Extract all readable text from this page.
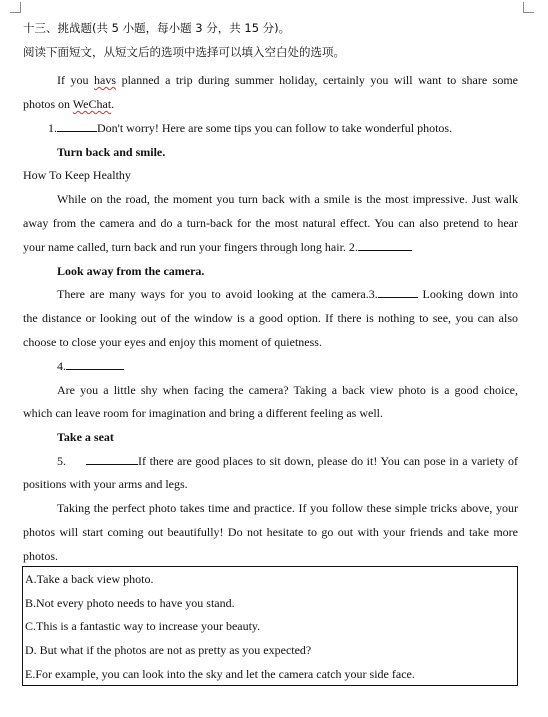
十三、挑战题(共 5 小题，每小题 3 分，共 15 分)。
阅读下面短文，从短文后的选项中选择可以填入空白处的选项。
If you havs planned a trip during summer holiday, certainly you will want to share some
photos on WeChat.
1.	Don't worry! Here are some tips you can follow to take wonderful photos.
Turn back and smile.
How To Keep Healthy
While on the road, the moment you turn back with a smile is the most impressive. Just walk
away from the camera and do a turn-back for the most natural effect. You can also pretend to hear
your name called, turn back and run your fingers through long hair. 2.
Look away from the camera.
There are many ways for you to avoid looking at the camera.3.	Looking down into
the distance or looking out of the window is a good option. If there is nothing to see, you can also
choose to close your eyes and enjoy this moment of quietness.
4.
Are you a little shy when facing the camera? Taking a back view photo is a good choice,
which can leave room for imagination and bring a different feeling as well.
Take a seat
5.	If there are good places to sit down, please do it! You can pose in a variety of
positions with your arms and legs.
Taking the perfect photo takes time and practice. If you follow these simple tricks above, your
photos will start coming out beautifully! Do not hesitate to go out with your friends and take more
photos.
A.Take a back view photo.
B.Not every photo needs to have you stand.
C.This is a fantastic way to increase your beauty.
D. But what if the photos are not as pretty as you expected?
E.For example, you can look into the sky and let the camera catch your side face.
